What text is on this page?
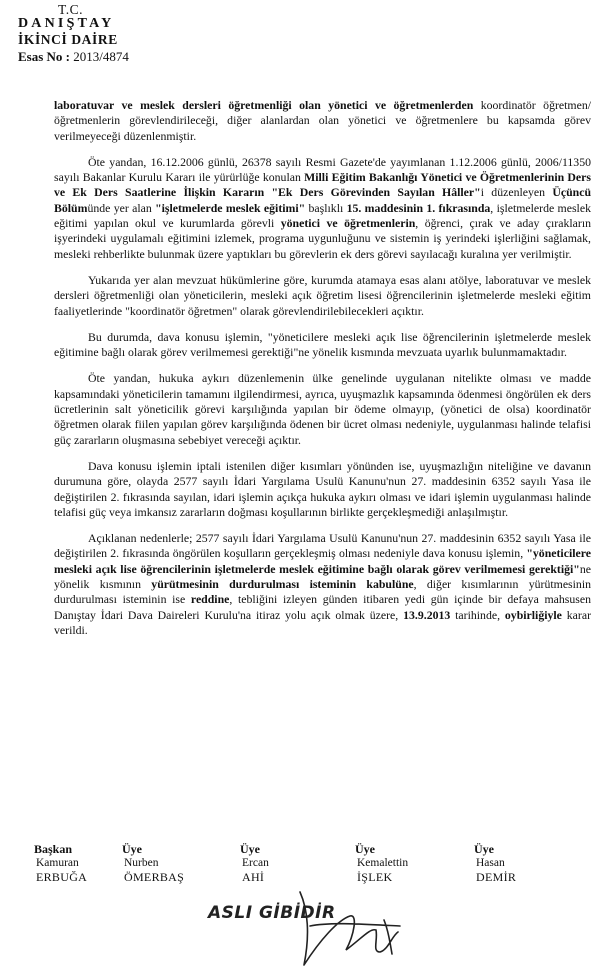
T.C.
DANIŞTAY
İKİNCİ DAİRE
Esas No : 2013/4874

laboratuvar ve meslek dersleri öğretmenliği olan yönetici ve öğretmenlerden koordinatör öğretmen/öğretmenlerin görevlendirileceği, diğer alanlardan olan yönetici ve öğretmenlere bu kapsamda görev verilmeyeceği düzenlenmiştir.

Öte yandan, 16.12.2006 günlü, 26378 sayılı Resmi Gazete'de yayımlanan 1.12.2006 günlü, 2006/11350 sayılı Bakanlar Kurulu Kararı ile yürürlüğe konulan Milli Eğitim Bakanlığı Yönetici ve Öğretmenlerinin Ders ve Ek Ders Saatlerine İlişkin Kararın "Ek Ders Görevinden Sayılan Hâller"i düzenleyen Üçüncü Bölümünde yer alan "işletmelerde meslek eğitimi" başlıklı 15. maddesinin 1. fıkrasında, işletmelerde meslek eğitimi yapılan okul ve kurumlarda görevli yönetici ve öğretmenlerin, öğrenci, çırak ve aday çırakların işyerindeki uygulamalı eğitimini izlemek, programa uygunluğunu ve sistemin iş yerindeki işlerliğini sağlamak, mesleki rehberlikte bulunmak üzere yaptıkları bu görevlerin ek ders görevi sayılacağı kuralına yer verilmiştir.

Yukarıda yer alan mevzuat hükümlerine göre, kurumda atamaya esas alanı atölye, laboratuvar ve meslek dersleri öğretmenliği olan yöneticilerin, mesleki açık öğretim lisesi öğrencilerinin işletmelerde mesleki eğitim faaliyetlerinde "koordinatör öğretmen" olarak görevlendirilebilecekleri açıktır.

Bu durumda, dava konusu işlemin, "yöneticilere mesleki açık lise öğrencilerinin işletmelerde meslek eğitimine bağlı olarak görev verilmemesi gerektiği"ne yönelik kısmında mevzuata uyarlık bulunmamaktadır.

Öte yandan, hukuka aykırı düzenlemenin ülke genelinde uygulanan nitelikte olması ve madde kapsamındaki yöneticilerin tamamını ilgilendirmesi, ayrıca, uyuşmazlık kapsamında ödenmesi öngörülen ek ders ücretlerinin salt yöneticilik görevi karşılığında yapılan bir ödeme olmayıp, (yönetici de olsa) koordinatör öğretmen olarak fiilen yapılan görev karşılığında ödenen bir ücret olması nedeniyle, uygulanması halinde telafisi güç zararların oluşmasına sebebiyet vereceği açıktır.

Dava konusu işlemin iptali istenilen diğer kısımları yönünden ise, uyuşmazlığın niteliğine ve davanın durumuna göre, olayda 2577 sayılı İdari Yargılama Usulü Kanunu'nun 27. maddesinin 6352 sayılı Yasa ile değiştirilen 2. fıkrasında sayılan, idari işlemin açıkça hukuka aykırı olması ve idari işlemin uygulanması halinde telafisi güç veya imkansız zararların doğması koşullarının birlikte gerçekleşmediği anlaşılmıştır.

Açıklanan nedenlerle; 2577 sayılı İdari Yargılama Usulü Kanunu'nun 27. maddesinin 6352 sayılı Yasa ile değiştirilen 2. fıkrasında öngörülen koşulların gerçekleşmiş olması nedeniyle dava konusu işlemin, "yöneticilere mesleki açık lise öğrencilerinin işletmelerde meslek eğitimine bağlı olarak görev verilmemesi gerektiği"ne yönelik kısmının yürütmesinin durdurulması isteminin kabulüne, diğer kısımlarının yürütmesinin durdurulması isteminin ise reddine, tebliğini izleyen günden itibaren yedi gün içinde bir defaya mahsusen Danıştay İdari Dava Daireleri Kurulu'na itiraz yolu açık olmak üzere, 13.9.2013 tarihinde, oybirliğiyle karar verildi.

Başkan
Kamuran
ERBUĞA
Üye
Nurben
ÖMERBAŞ
Üye
Ercan
AHİ
Üye
Kemalettin
İŞLEK
Üye
Hasan
DEMİR
ASLI GİBİDİR
